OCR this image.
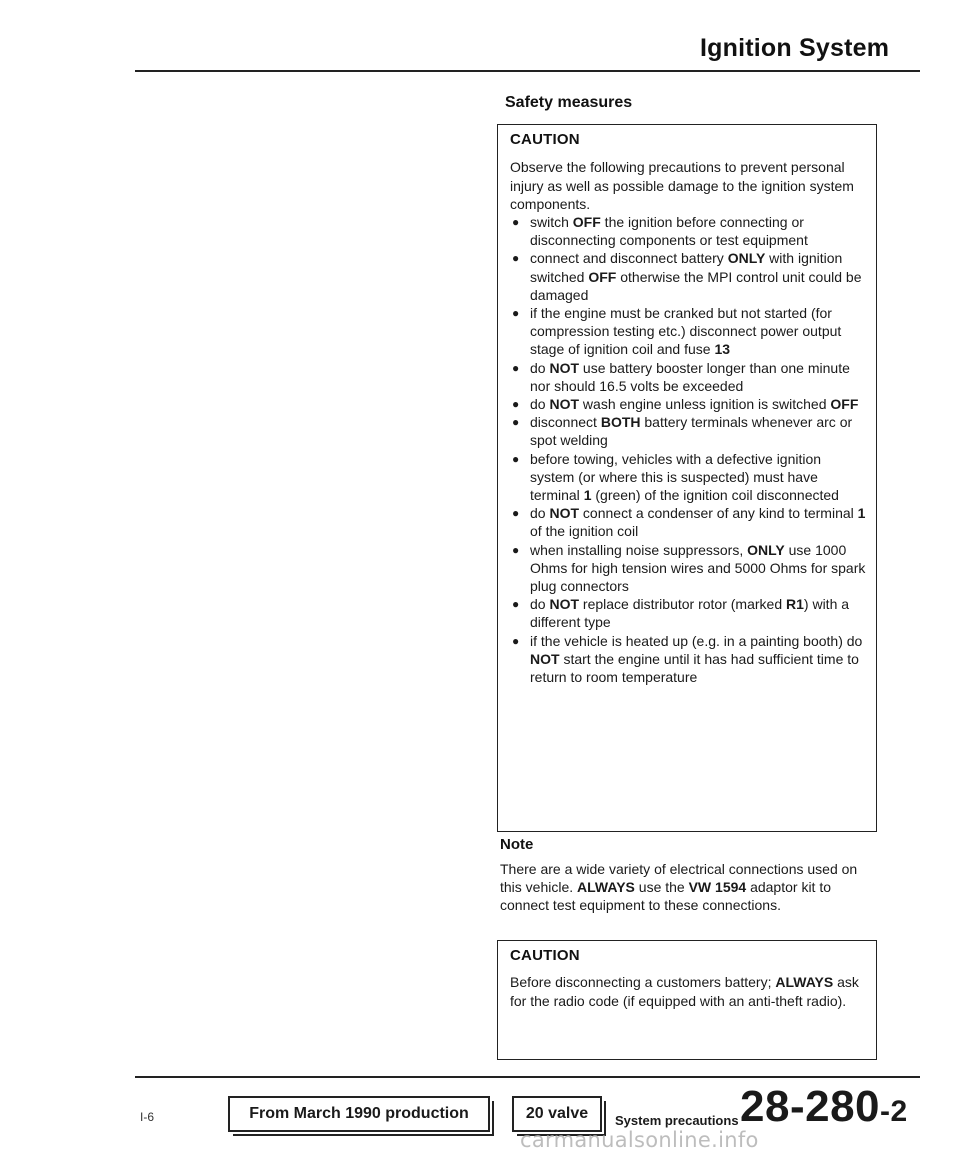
Ignition System
Safety measures
CAUTION
Observe the following precautions to prevent personal injury as well as possible damage to the ignition system components.
● switch OFF the ignition before connecting or disconnecting components or test equipment
● connect and disconnect battery ONLY with ignition switched OFF otherwise the MPI control unit could be damaged
● if the engine must be cranked but not started (for compression testing etc.) disconnect power output stage of ignition coil and fuse 13
● do NOT use battery booster longer than one minute nor should 16.5 volts be exceeded
● do NOT wash engine unless ignition is switched OFF
● disconnect BOTH battery terminals whenever arc or spot welding
● before towing, vehicles with a defective ignition system (or where this is suspected) must have terminal 1 (green) of the ignition coil disconnected
● do NOT connect a condenser of any kind to terminal 1 of the ignition coil
● when installing noise suppressors, ONLY use 1000 Ohms for high tension wires and 5000 Ohms for spark plug connectors
● do NOT replace distributor rotor (marked R1) with a different type
● if the vehicle is heated up (e.g. in a painting booth) do NOT start the engine until it has had sufficient time to return to room temperature
Note
There are a wide variety of electrical connections used on this vehicle. ALWAYS use the VW 1594 adaptor kit to connect test equipment to these connections.
CAUTION
Before disconnecting a customers battery; ALWAYS ask for the radio code (if equipped with an anti-theft radio).
I-6	From March 1990 production	20 valve	System precautions 28-280-2
carmanualsonline.info
